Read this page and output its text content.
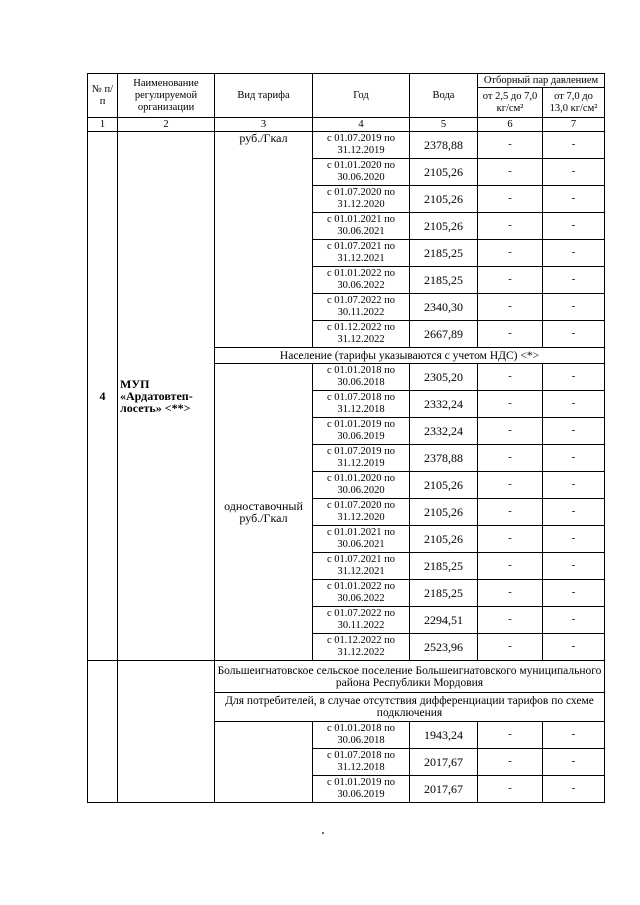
№ п/п	Наименование регулируемой организации	Вид тарифа	Год	Вода	Отборный пар давлением	
					от 2,5 до 7,0 кг/см²	от 7,0 до 13,0 кг/см²
1	2	3	4	5	6	7
4	МУП «Ардатовтеп-лосеть» <**>	руб./Гкал	с 01.07.2019 по 31.12.2019	2378,88	-	-
			с 01.01.2020 по 30.06.2020	2105,26	-	-
			с 01.07.2020 по 31.12.2020	2105,26	-	-
			с 01.01.2021 по 30.06.2021	2105,26	-	-
			с 01.07.2021 по 31.12.2021	2185,25	-	-
			с 01.01.2022 по 30.06.2022	2185,25	-	-
			с 01.07.2022 по 30.11.2022	2340,30	-	-
			с 01.12.2022 по 31.12.2022	2667,89	-	-
		Население (тарифы указываются с учетом НДС) <*>				
		одноставочный руб./Гкал	с 01.01.2018 по 30.06.2018	2305,20	-	-
			с 01.07.2018 по 31.12.2018	2332,24	-	-
			с 01.01.2019 по 30.06.2019	2332,24	-	-
			с 01.07.2019 по 31.12.2019	2378,88	-	-
			с 01.01.2020 по 30.06.2020	2105,26	-	-
			с 01.07.2020 по 31.12.2020	2105,26	-	-
			с 01.01.2021 по 30.06.2021	2105,26	-	-
			с 01.07.2021 по 31.12.2021	2185,25	-	-
			с 01.01.2022 по 30.06.2022	2185,25	-	-
			с 01.07.2022 по 30.11.2022	2294,51	-	-
			с 01.12.2022 по 31.12.2022	2523,96	-	-
		Большеигнатовское сельское поселение Большеигнатовского муниципального района Республики Мордовия				
		Для потребителей, в случае отсутствия дифференциации тарифов по схеме подключения				
			с 01.01.2018 по 30.06.2018	1943,24	-	-
			с 01.07.2018 по 31.12.2018	2017,67	-	-
			с 01.01.2019 по 30.06.2019	2017,67	-	-
